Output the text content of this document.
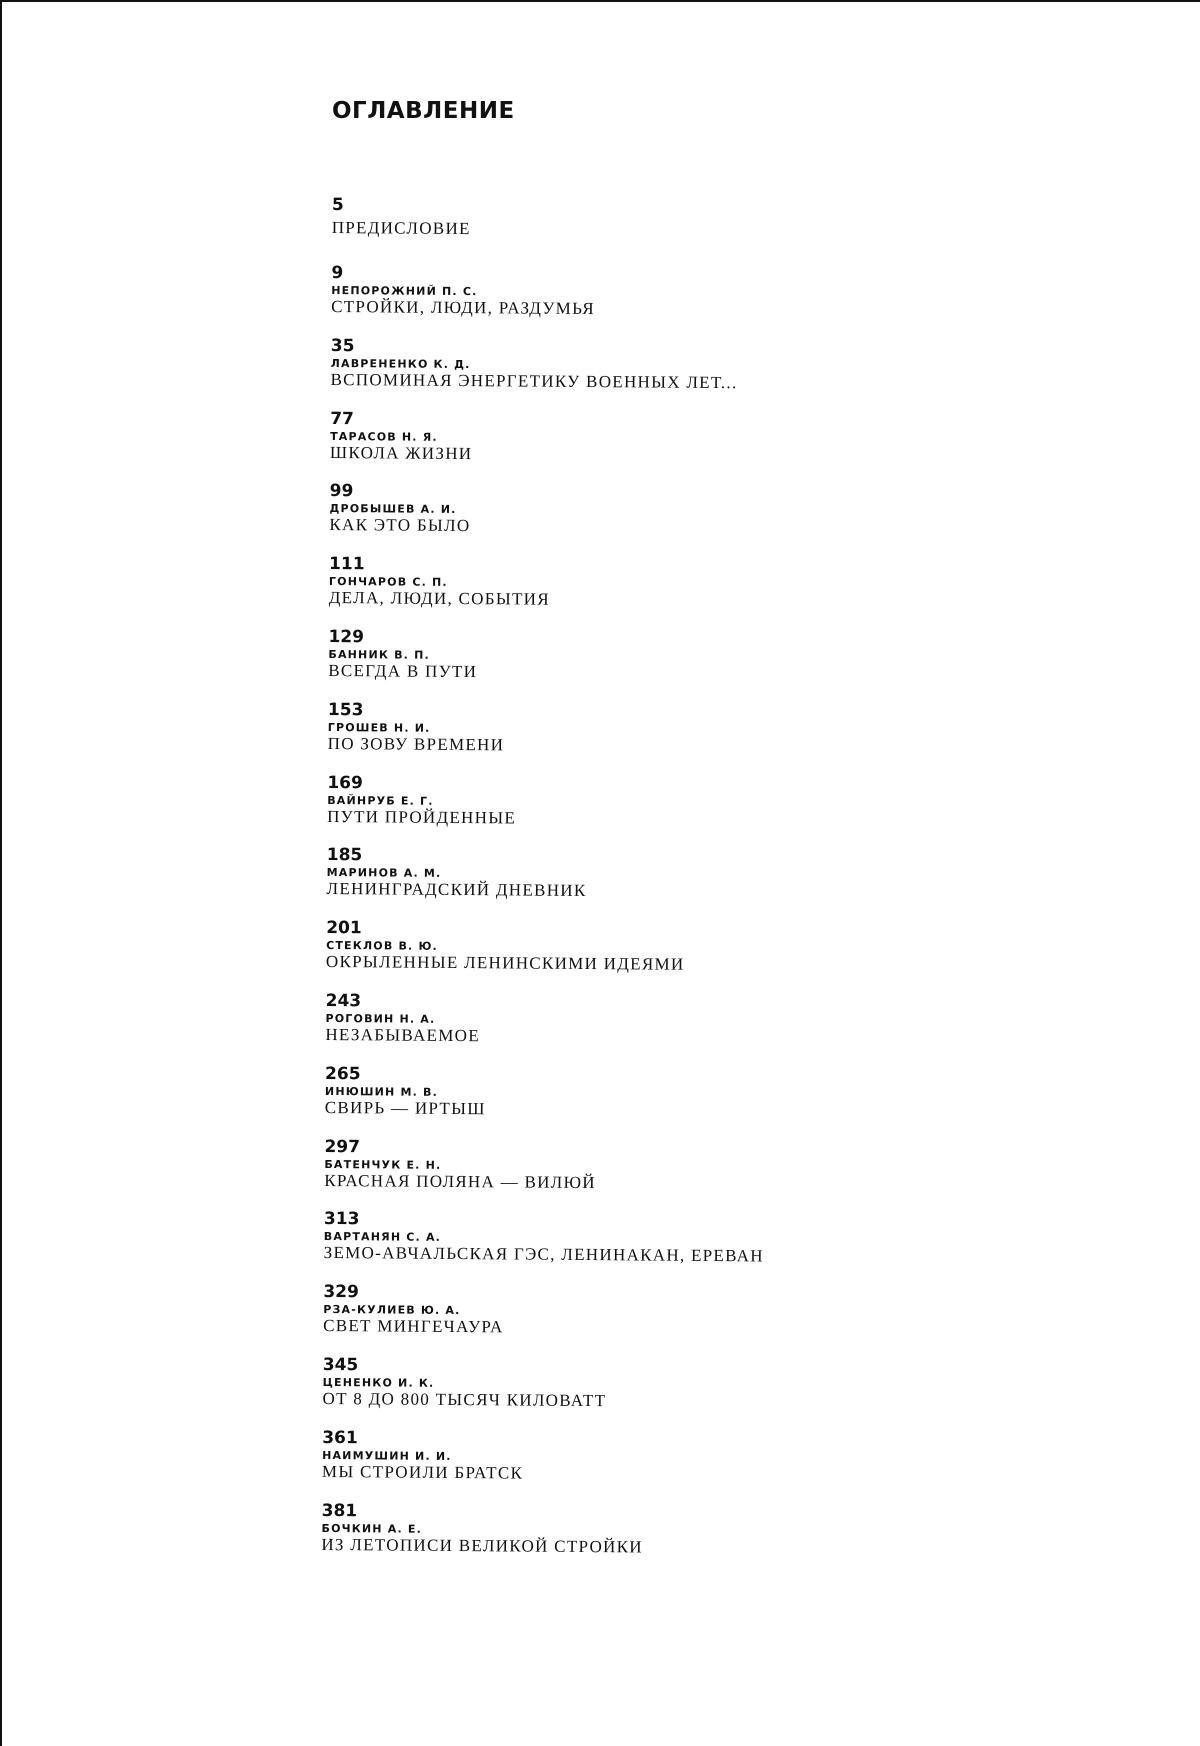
ОГЛАВЛЕНИЕ
5
ПРЕДИСЛОВИЕ
9
НЕПОРОЖНИЙ П. С.
СТРОЙКИ, ЛЮДИ, РАЗДУМЬЯ
35
ЛАВРЕНЕНКО К. Д.
ВСПОМИНАЯ ЭНЕРГЕТИКУ ВОЕННЫХ ЛЕТ...
77
ТАРАСОВ Н. Я.
ШКОЛА ЖИЗНИ
99
ДРОБЫШЕВ А. И.
КАК ЭТО БЫЛО
111
ГОНЧАРОВ С. П.
ДЕЛА, ЛЮДИ, СОБЫТИЯ
129
БАННИК В. П.
ВСЕГДА В ПУТИ
153
ГРОШЕВ Н. И.
ПО ЗОВУ ВРЕМЕНИ
169
ВАЙНРУБ Е. Г.
ПУТИ ПРОЙДЕННЫЕ
185
МАРИНОВ А. М.
ЛЕНИНГРАДСКИЙ ДНЕВНИК
201
СТЕКЛОВ В. Ю.
ОКРЫЛЕННЫЕ ЛЕНИНСКИМИ ИДЕЯМИ
243
РОГОВИН Н. А.
НЕЗАБЫВАЕМОЕ
265
ИНЮШИН М. В.
СВИРЬ — ИРТЫШ
297
БАТЕНЧУК Е. Н.
КРАСНАЯ ПОЛЯНА — ВИЛЮЙ
313
ВАРТАНЯН С. А.
ЗЕМО-АВЧАЛЬСКАЯ ГЭС, ЛЕНИНАКАН, ЕРЕВАН
329
РЗА-КУЛИЕВ Ю. А.
СВЕТ МИНГЕЧАУРА
345
ЦЕНЕНКО И. К.
ОТ 8 ДО 800 ТЫСЯЧ КИЛОВАТТ
361
НАИМУШИН И. И.
МЫ СТРОИЛИ БРАТСК
381
БОЧКИН А. Е.
ИЗ ЛЕТОПИСИ ВЕЛИКОЙ СТРОЙКИ
